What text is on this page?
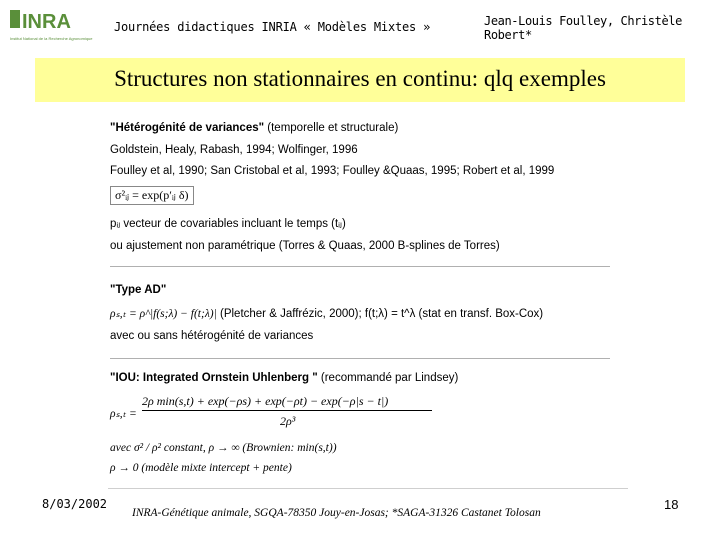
INRA
Institut National de la Recherche Agronomique
Journées didactiques INRIA « Modèles Mixtes »	Jean-Louis Foulley, Christèle Robert*
Structures non stationnaires en continu: qlq exemples
"Hétérogénité de variances" (temporelle et structurale)
Goldstein, Healy, Rabash, 1994; Wolfinger, 1996
Foulley et al, 1990; San Cristobal et al, 1993; Foulley &Quaas, 1995; Robert et al, 1999
σ²ᵢⱼ = exp(p′ᵢⱼ δ)
pᵢⱼ vecteur de covariables incluant le temps (tᵢⱼ)
ou ajustement non paramétrique (Torres & Quaas, 2000 B-splines de Torres)
"Type AD"
ρₛ,ₜ = ρ^|f(s;λ) − f(t;λ)| (Pletcher & Jaffrézic, 2000); f(t;λ) = t^λ (stat en transf. Box-Cox)
avec ou sans hétérogénité de variances
"IOU: Integrated Ornstein Uhlenberg " (recommandé par Lindsey)
ρₛ,ₜ =
2ρ min(s,t) + exp(−ρs) + exp(−ρt) − exp(−ρ|s − t|)
2ρ³
avec σ² / ρ² constant, ρ → ∞ (Brownien: min(s,t))
ρ → 0 (modèle mixte intercept + pente)
8/03/2002
INRA-Génétique animale, SGQA-78350 Jouy-en-Josas; *SAGA-31326 Castanet Tolosan
18
